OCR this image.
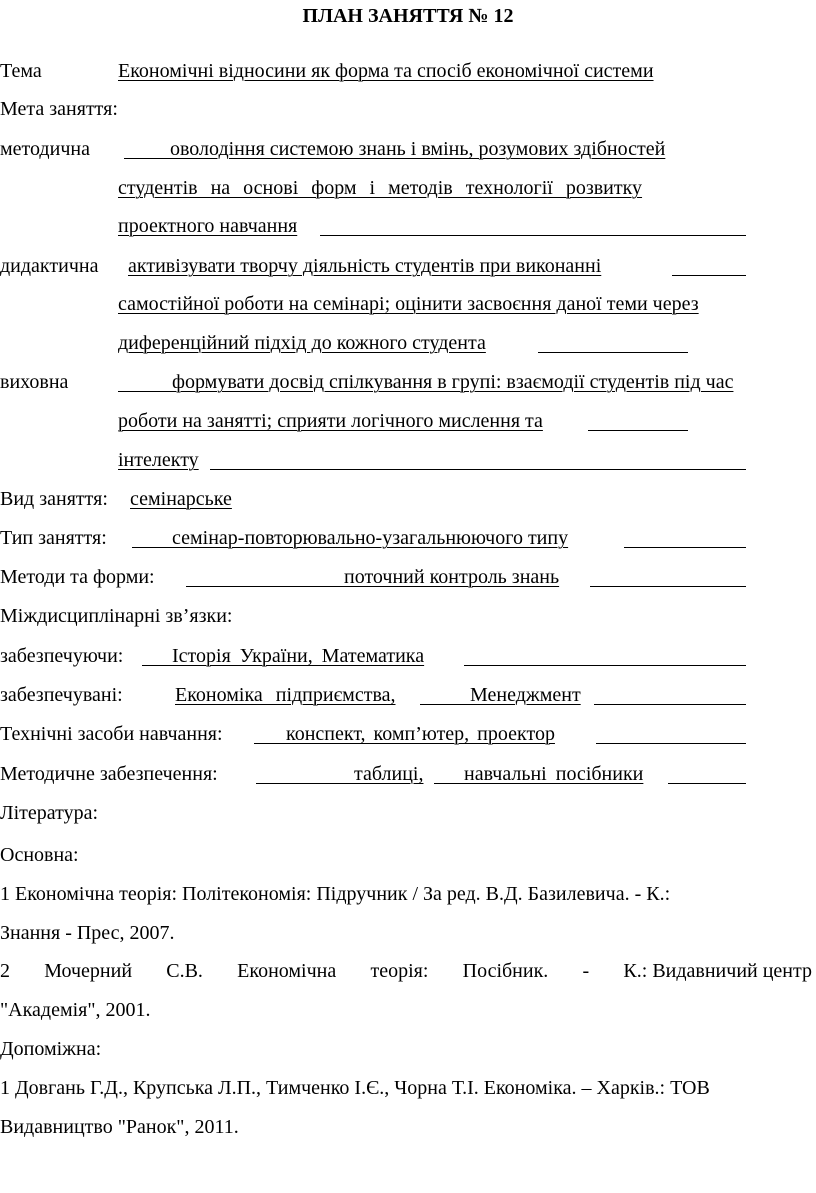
ПЛАН ЗАНЯТТЯ № 12
Тема	Економічні відносини як форма та спосіб економічної системи
Мета заняття:
методична	оволодіння системою знань і вмінь, розумових здібностей
студентів на основі форм і методів технології розвитку
проектного навчання
дидактична активізувати творчу діяльність студентів при виконанні
самостійної роботи на семінарі; оцінити засвоєння даної теми через
диференційний підхід до кожного студента
виховна	формувати досвід спілкування в групі: взаємодії студентів під час
роботи на занятті; сприяти логічного мислення та
інтелекту
Вид заняття: семінарське
Тип заняття:	семінар-повторювально-узагальнюючого типу
Методи та форми:	поточний контроль знань
Міждисциплінарні зв’язки:
забезпечуючи: Історія України, Математика
забезпечувані:	Економіка підприємства,	Менеджмент
Технічні засоби навчання:	конспект, комп’ютер, проектор
Методичне забезпечення:	таблиці, навчальні посібники
Література:
Основна:
1 Економічна теорія: Політекономія: Підручник / За ред. В.Д. Базилевича. - К.:
Знання - Прес, 2007.
2 Мочерний С.В. Економічна теорія: Посібник. - К.: Видавничий центр
"Академія", 2001.
Допоміжна:
1 Довгань Г.Д., Крупська Л.П., Тимченко І.Є., Чорна Т.І. Економіка. – Харків.: ТОВ
Видавництво "Ранок", 2011.
